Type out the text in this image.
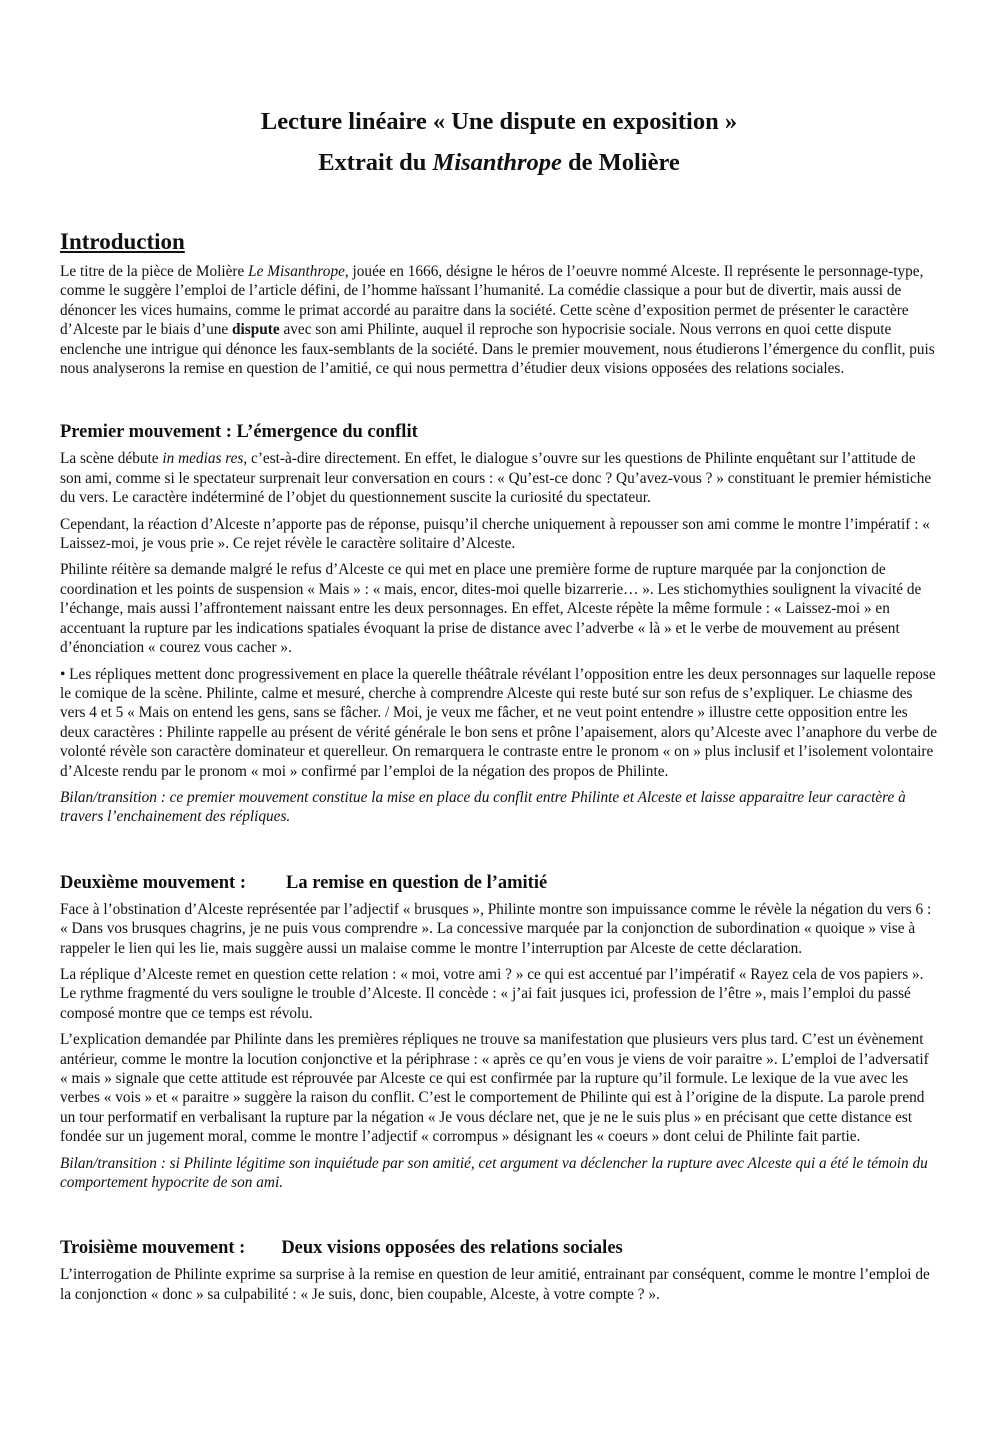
Lecture linéaire « Une dispute en exposition »
Extrait du Misanthrope de Molière
Introduction

Le titre de la pièce de Molière Le Misanthrope, jouée en 1666, désigne le héros de l’oeuvre nommé Alceste. Il représente le personnage-type, comme le suggère l’emploi de l’article défini, de l’homme haïssant l’humanité. La comédie classique a pour but de divertir, mais aussi de dénoncer les vices humains, comme le primat accordé au paraitre dans la société. Cette scène d’exposition permet de présenter le caractère d’Alceste par le biais d’une dispute avec son ami Philinte, auquel il reproche son hypocrisie sociale. Nous verrons en quoi cette dispute enclenche une intrigue qui dénonce les faux-semblants de la société. Dans le premier mouvement, nous étudierons l’émergence du conflit, puis nous analyserons la remise en question de l’amitié, ce qui nous permettra d’étudier deux visions opposées des relations sociales.

Premier mouvement : L’émergence du conflit

La scène débute in medias res, c’est-à-dire directement. En effet, le dialogue s’ouvre sur les questions de Philinte enquêtant sur l’attitude de son ami, comme si le spectateur surprenait leur conversation en cours : « Qu’est-ce donc ? Qu’avez-vous ? » constituant le premier hémistiche du vers. Le caractère indéterminé de l’objet du questionnement suscite la curiosité du spectateur.

Cependant, la réaction d’Alceste n’apporte pas de réponse, puisqu’il cherche uniquement à repousser son ami comme le montre l’impératif : « Laissez-moi, je vous prie ». Ce rejet révèle le caractère solitaire d’Alceste.

Philinte réitère sa demande malgré le refus d’Alceste ce qui met en place une première forme de rupture marquée par la conjonction de coordination et les points de suspension « Mais » : « mais, encor, dites-moi quelle bizarrerie… ». Les stichomythies soulignent la vivacité de l’échange, mais aussi l’affrontement naissant entre les deux personnages. En effet, Alceste répète la même formule : « Laissez-moi » en accentuant la rupture par les indications spatiales évoquant la prise de distance avec l’adverbe « là » et le verbe de mouvement au présent d’énonciation « courez vous cacher ».

• Les répliques mettent donc progressivement en place la querelle théâtrale révélant l’opposition entre les deux personnages sur laquelle repose le comique de la scène. Philinte, calme et mesuré, cherche à comprendre Alceste qui reste buté sur son refus de s’expliquer. Le chiasme des vers 4 et 5 « Mais on entend les gens, sans se fâcher. / Moi, je veux me fâcher, et ne veut point entendre » illustre cette opposition entre les deux caractères : Philinte rappelle au présent de vérité générale le bon sens et prône l’apaisement, alors qu’Alceste avec l’anaphore du verbe de volonté révèle son caractère dominateur et querelleur. On remarquera le contraste entre le pronom « on » plus inclusif et l’isolement volontaire d’Alceste rendu par le pronom « moi » confirmé par l’emploi de la négation des propos de Philinte.

Bilan/transition : ce premier mouvement constitue la mise en place du conflit entre Philinte et Alceste et laisse apparaitre leur caractère à travers l’enchainement des répliques.

Deuxième mouvement : La remise en question de l’amitié

Face à l’obstination d’Alceste représentée par l’adjectif « brusques », Philinte montre son impuissance comme le révèle la négation du vers 6 : « Dans vos brusques chagrins, je ne puis vous comprendre ». La concessive marquée par la conjonction de subordination « quoique » vise à rappeler le lien qui les lie, mais suggère aussi un malaise comme le montre l’interruption par Alceste de cette déclaration.

La réplique d’Alceste remet en question cette relation : « moi, votre ami ? » ce qui est accentué par l’impératif « Rayez cela de vos papiers ». Le rythme fragmenté du vers souligne le trouble d’Alceste. Il concède : « j’ai fait jusques ici, profession de l’être », mais l’emploi du passé composé montre que ce temps est révolu.

L’explication demandée par Philinte dans les premières répliques ne trouve sa manifestation que plusieurs vers plus tard. C’est un évènement antérieur, comme le montre la locution conjonctive et la périphrase : « après ce qu’en vous je viens de voir paraitre ». L’emploi de l’adversatif « mais » signale que cette attitude est réprouvée par Alceste ce qui est confirmée par la rupture qu’il formule. Le lexique de la vue avec les verbes « vois » et « paraitre » suggère la raison du conflit. C’est le comportement de Philinte qui est à l’origine de la dispute. La parole prend un tour performatif en verbalisant la rupture par la négation « Je vous déclare net, que je ne le suis plus » en précisant que cette distance est fondée sur un jugement moral, comme le montre l’adjectif « corrompus » désignant les « coeurs » dont celui de Philinte fait partie.

Bilan/transition : si Philinte légitime son inquiétude par son amitié, cet argument va déclencher la rupture avec Alceste qui a été le témoin du comportement hypocrite de son ami.

Troisième mouvement : Deux visions opposées des relations sociales

L’interrogation de Philinte exprime sa surprise à la remise en question de leur amitié, entrainant par conséquent, comme le montre l’emploi de la conjonction « donc » sa culpabilité : « Je suis, donc, bien coupable, Alceste, à votre compte ? ».
